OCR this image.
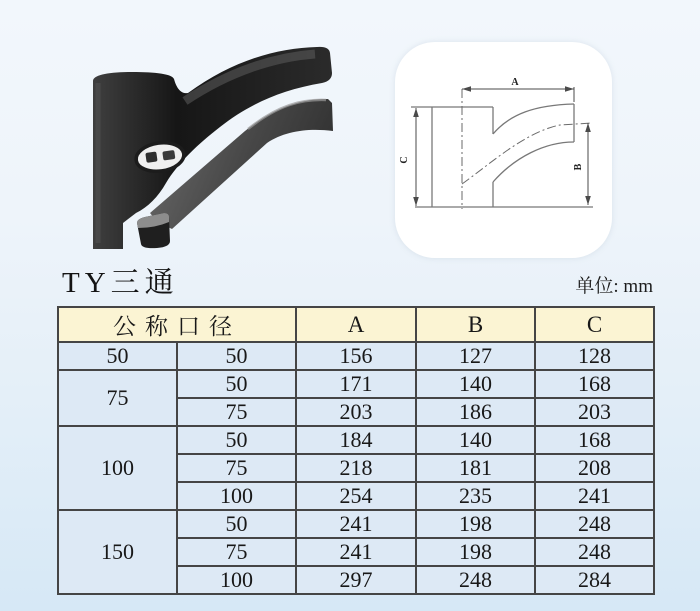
A
C
B
TY三通	单位: mm
公称口径		A	B	C
50	50	156	127	128
75	50	171	140	168
	75	203	186	203
100	50	184	140	168
	75	218	181	208
	100	254	235	241
150	50	241	198	248
	75	241	198	248
	100	297	248	284
